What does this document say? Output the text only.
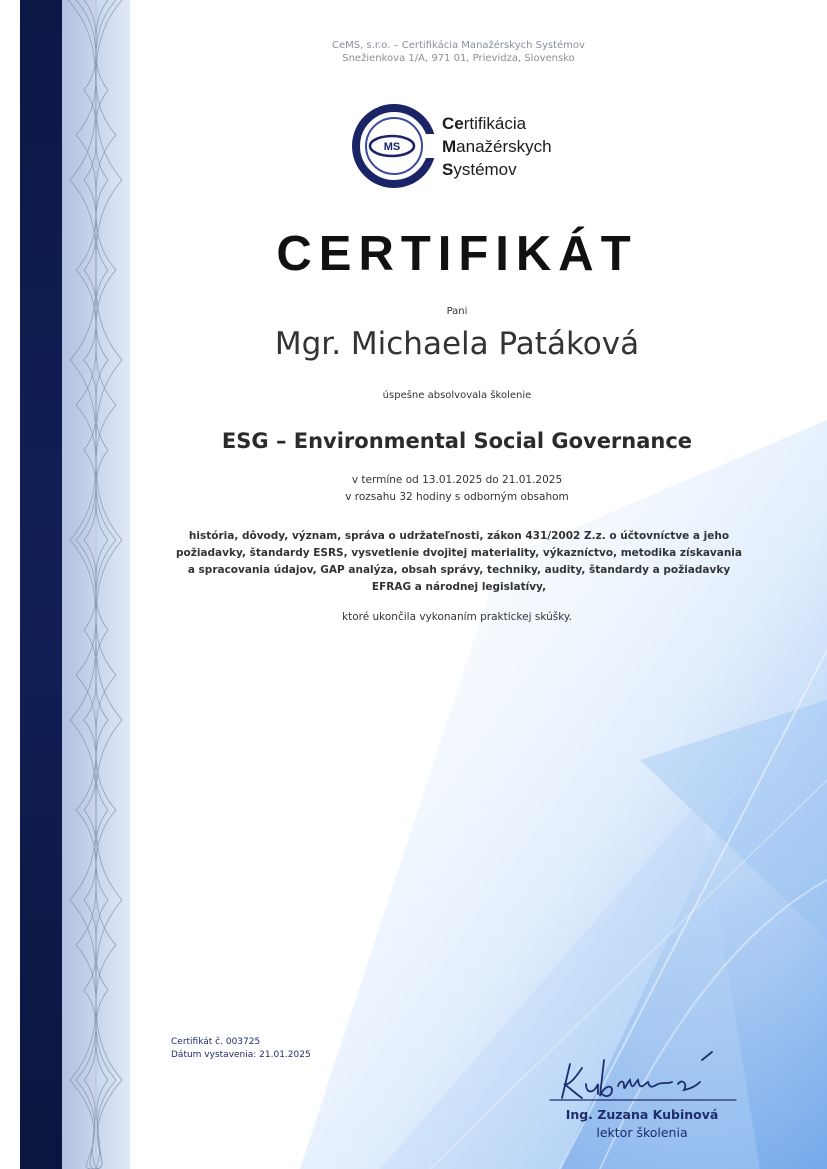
CeMS, s.r.o. – Certifikácia Manažérskych Systémov
Snežienkova 1/A, 971 01, Prievidza, Slovensko
MS
Certifikácia
Manažérskych
Systémov
CERTIFIKÁT
Pani
Mgr. Michaela Patáková
úspešne absolvovala školenie
ESG – Environmental Social Governance
v termíne od 13.01.2025 do 21.01.2025
v rozsahu 32 hodiny s odborným obsahom
história, dôvody, význam, správa o udržateľnosti, zákon 431/2002 Z.z. o účtovníctve a jeho
požiadavky, štandardy ESRS, vysvetlenie dvojitej materiality, výkazníctvo, metodika získavania
a spracovania údajov, GAP analýza, obsah správy, techniky, audity, štandardy a požiadavky
EFRAG a národnej legislatívy,
ktoré ukončila vykonaním praktickej skúšky.
Certifikát č. 003725
Dátum vystavenia: 21.01.2025
Ing. Zuzana Kubinová
lektor školenia
